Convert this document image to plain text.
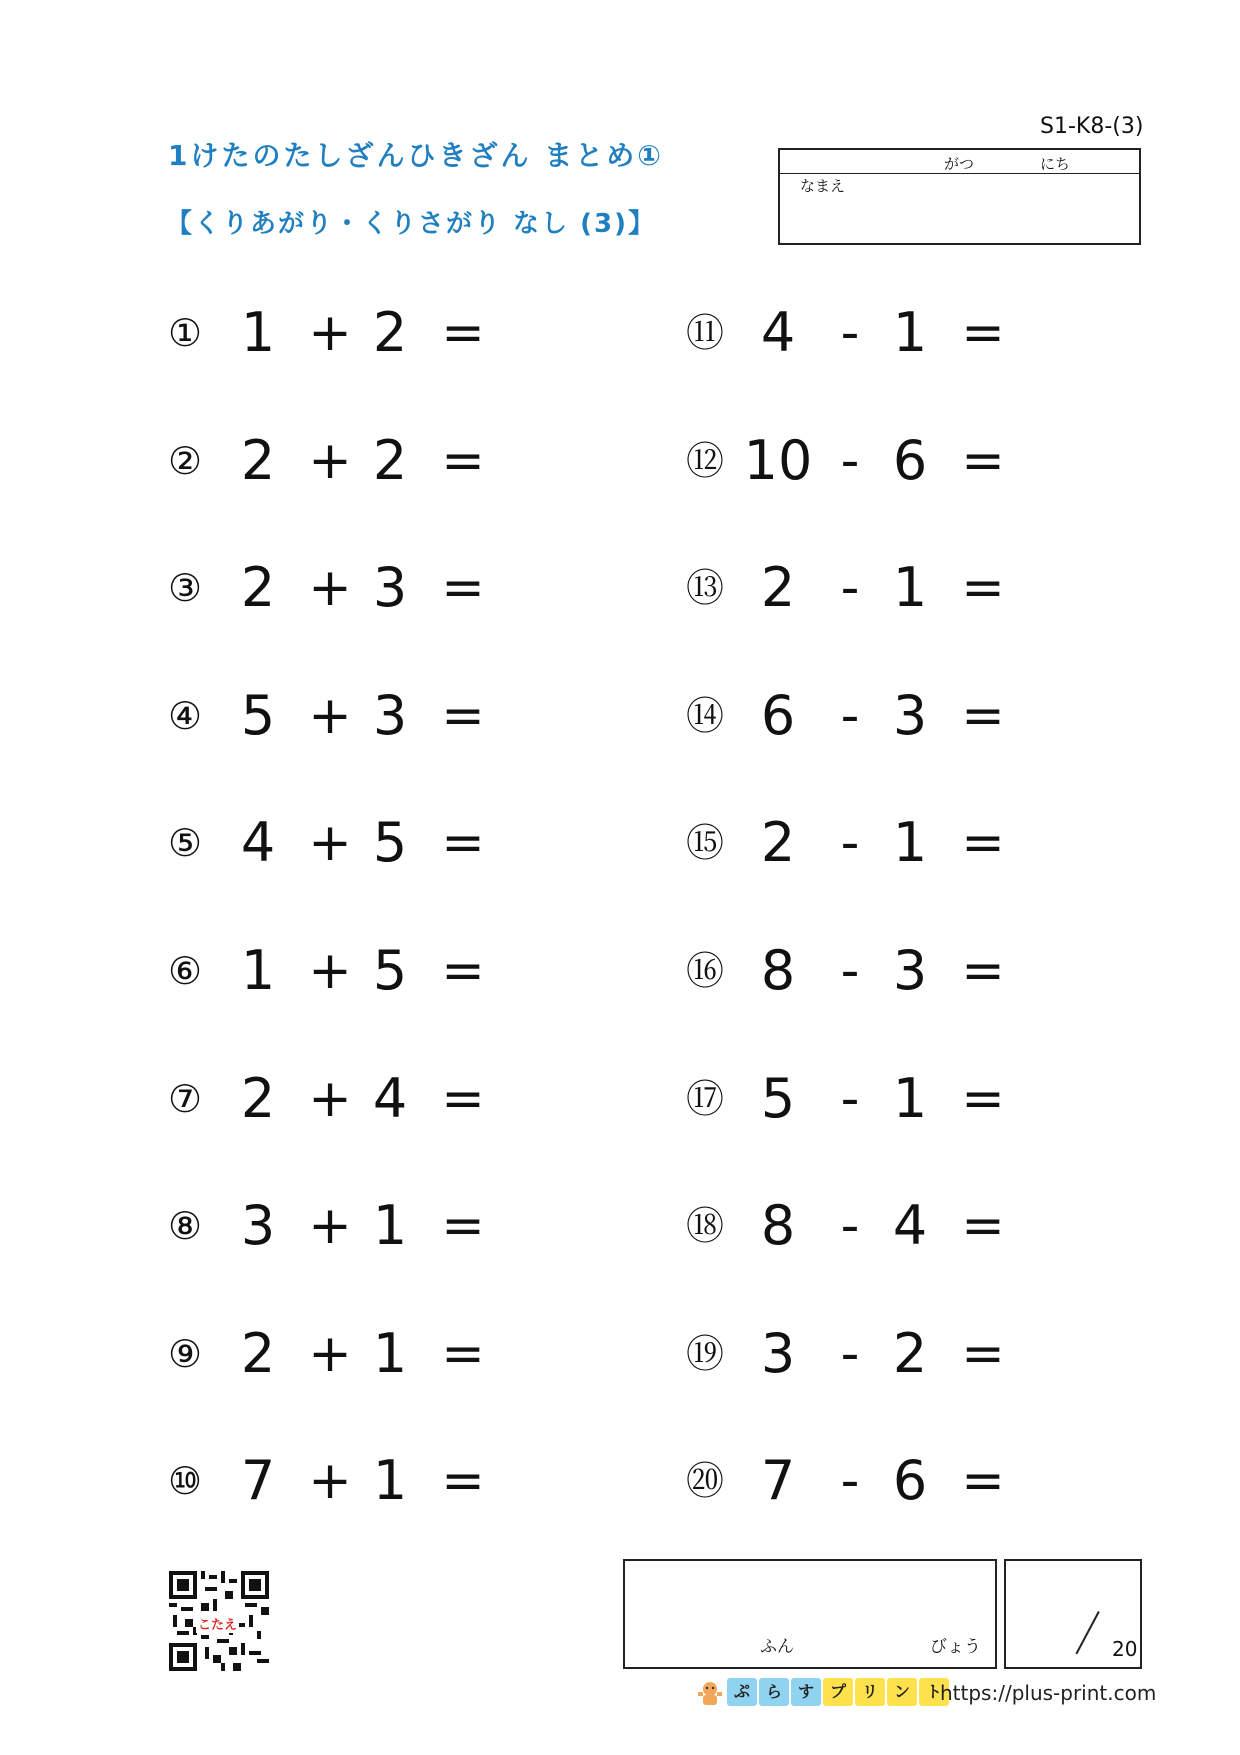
S1-K8-(3)
1けたのたしざんひきざん まとめ①
【くりあがり・くりさがり なし (3)】
がつ	にち
なまえ
① 1 + 2 =
② 2 + 2 =
③ 2 + 3 =
④ 5 + 3 =
⑤ 4 + 5 =
⑥ 1 + 5 =
⑦ 2 + 4 =
⑧ 3 + 1 =
⑨ 2 + 1 =
⑩ 7 + 1 =
⑪ 4 - 1 =
⑫ 10 - 6 =
⑬ 2 - 1 =
⑭ 6 - 3 =
⑮ 2 - 1 =
⑯ 8 - 3 =
⑰ 5 - 1 =
⑱ 8 - 4 =
⑲ 3 - 2 =
⑳ 7 - 6 =
ふん	びょう	20
こたえ
ぷ ら す プ リ ン ト
https://plus-print.com
